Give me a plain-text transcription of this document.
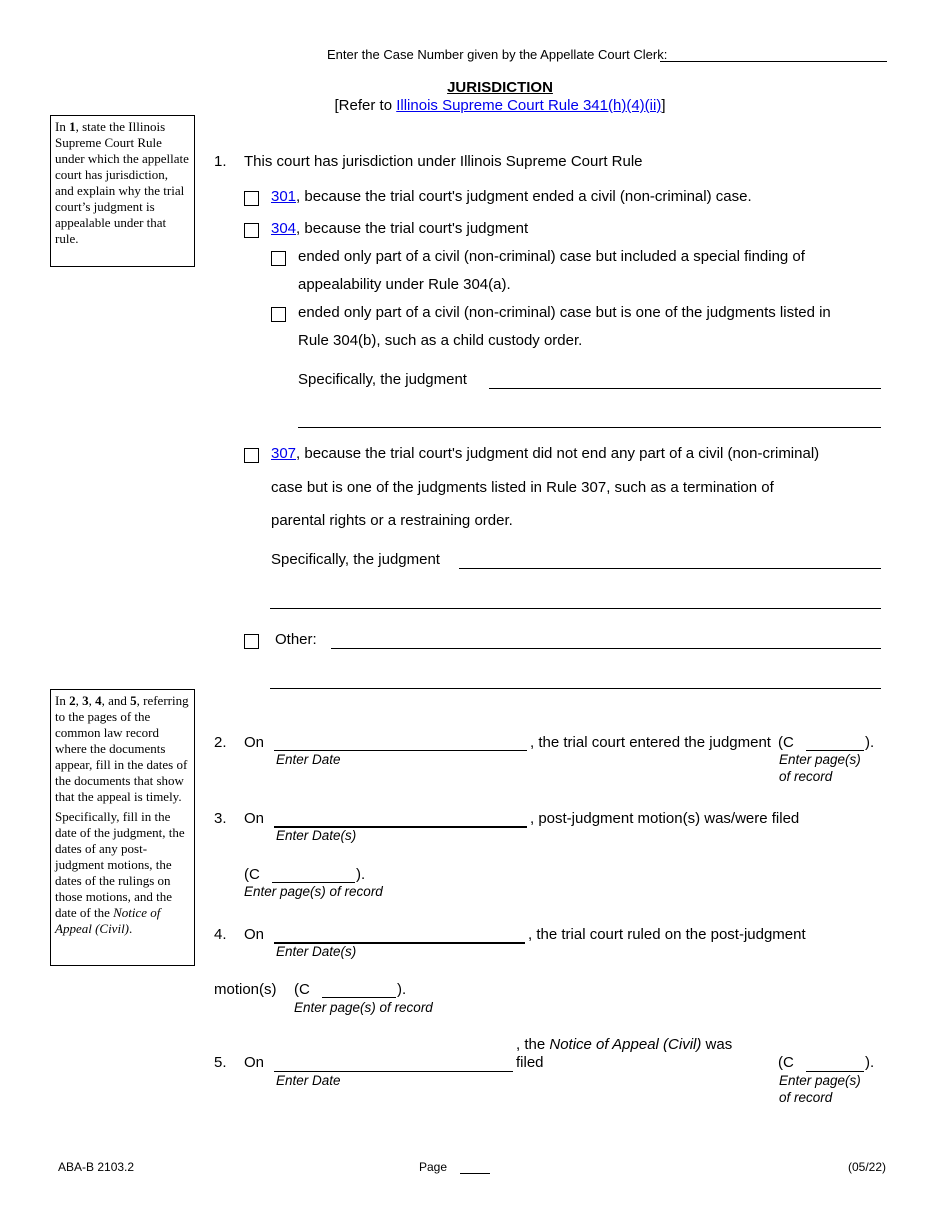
Enter the Case Number given by the Appellate Court Clerk:
JURISDICTION
[Refer to Illinois Supreme Court Rule 341(h)(4)(ii)]
In 1, state the Illinois Supreme Court Rule under which the appellate court has jurisdiction, and explain why the trial court’s judgment is appealable under that rule.
In 2, 3, 4, and 5, referring to the pages of the common law record where the documents appear, fill in the dates of the documents that show that the appeal is timely.
Specifically, fill in the date of the judgment, the dates of any post-judgment motions, the dates of the rulings on those motions, and the date of the Notice of Appeal (Civil).
1. This court has jurisdiction under Illinois Supreme Court Rule
301, because the trial court's judgment ended a civil (non-criminal) case.
304, because the trial court's judgment
ended only part of a civil (non-criminal) case but included a special finding of
appealability under Rule 304(a).
ended only part of a civil (non-criminal) case but is one of the judgments listed in
Rule 304(b), such as a child custody order.
Specifically, the judgment
307, because the trial court's judgment did not end any part of a civil (non-criminal)
case but is one of the judgments listed in Rule 307, such as a termination of
parental rights or a restraining order.
Specifically, the judgment
Other:
2. On	, the trial court entered the judgment (C	).
Enter Date	Enter page(s)
of record
3. On	, post-judgment motion(s) was/were filed
Enter Date(s)
(C	).
Enter page(s) of record
4. On	, the trial court ruled on the post-judgment
Enter Date(s)
motion(s) (C	).
Enter page(s) of record
, the Notice of Appeal (Civil) was
5. On	filed
Enter Date
(C	).
Enter page(s)
of record
ABA-B 2103.2	Page	(05/22)
